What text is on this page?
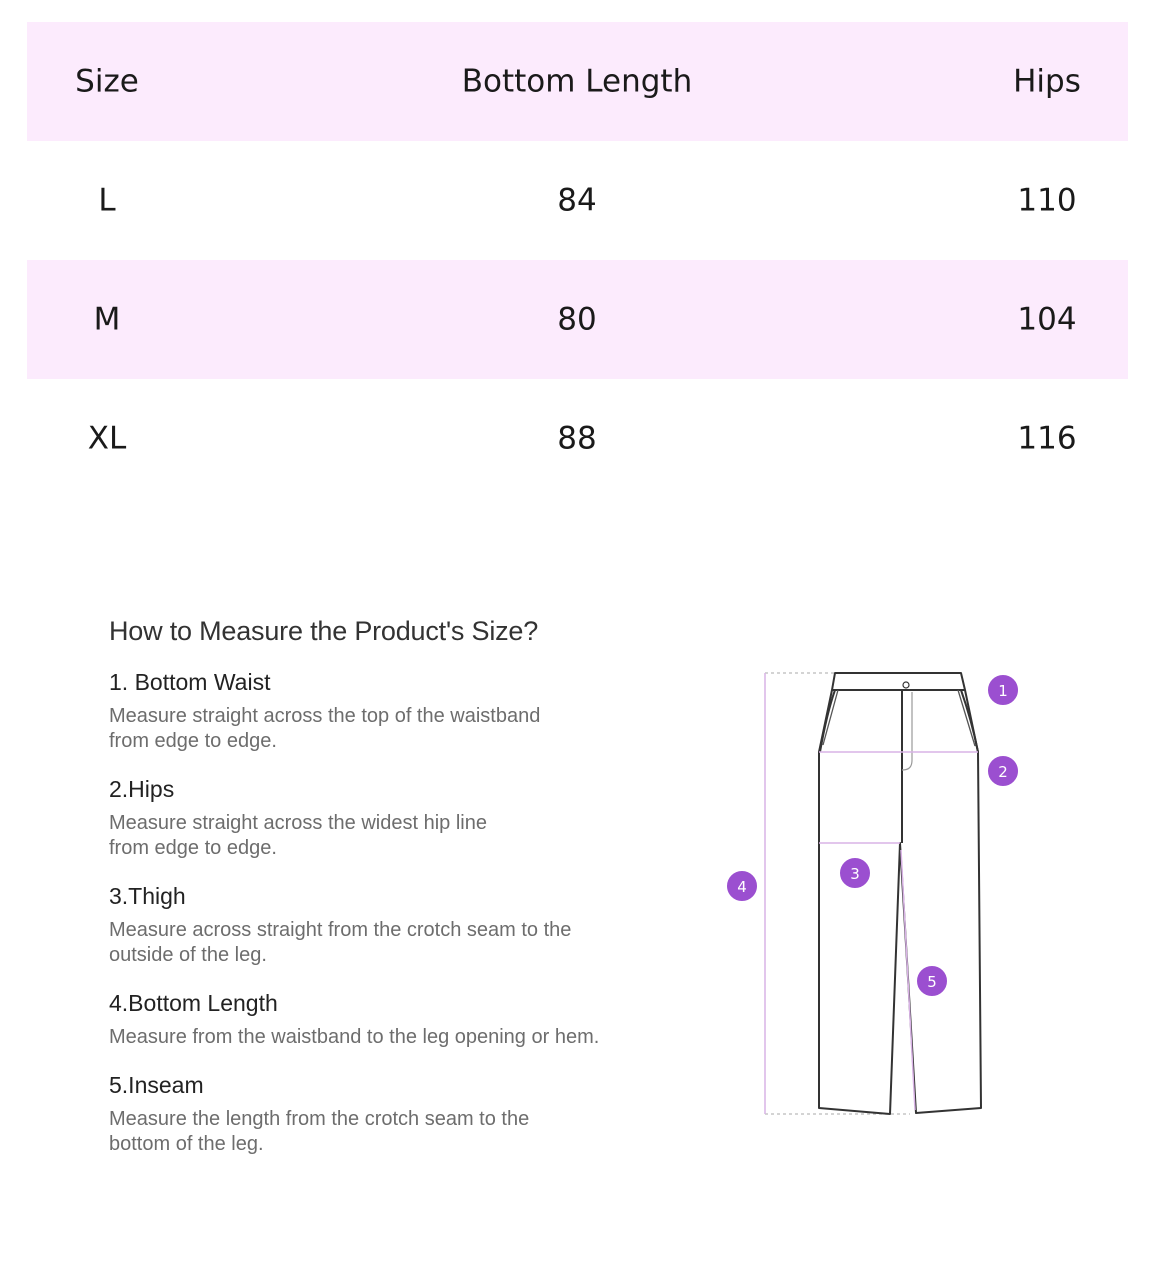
Size	Bottom Length	Hips
L	84	110
M	80	104
XL	88	116
How to Measure the Product's Size?

1. Bottom Waist

Measure straight across the top of the waistband
from edge to edge.

2.Hips

Measure straight across the widest hip line
from edge to edge.

3.Thigh

Measure across straight from the crotch seam to the
outside of the leg.

4.Bottom Length

Measure from the waistband to the leg opening or hem.

5.Inseam

Measure the length from the crotch seam to the
bottom of the leg.

1
2
3
4
5
